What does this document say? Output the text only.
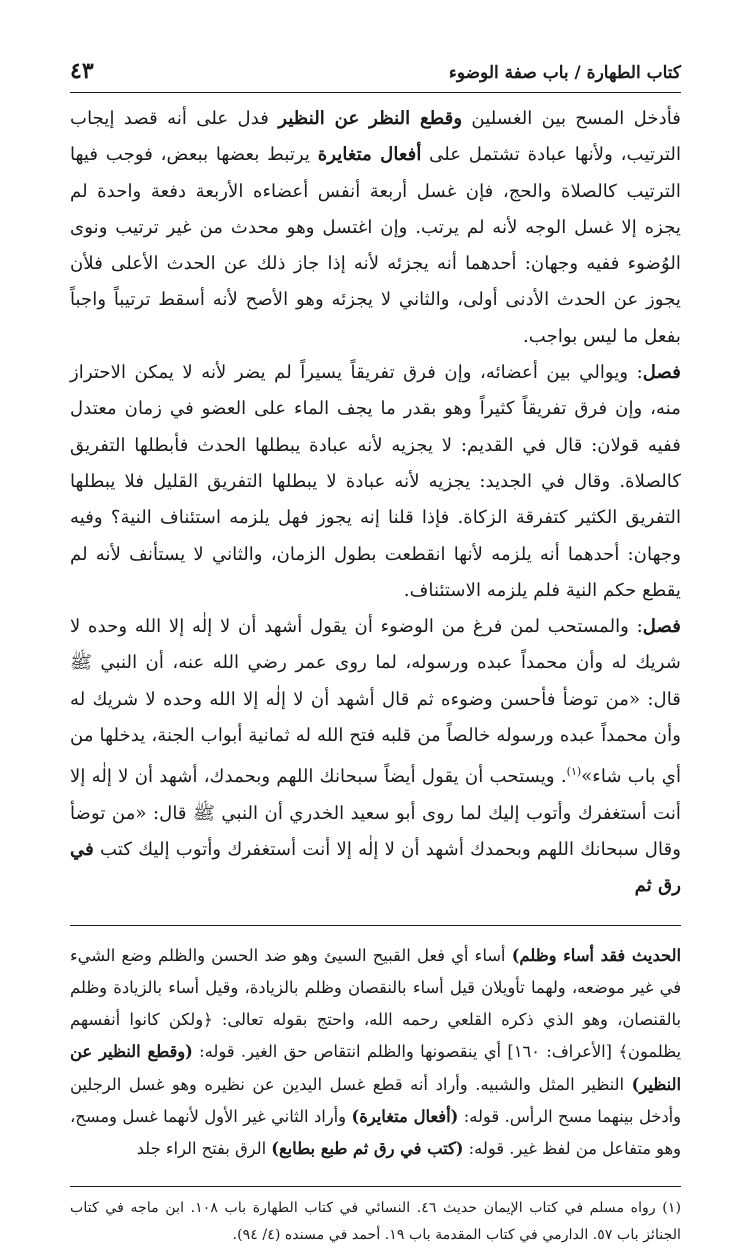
كتاب الطهارة / باب صفة الوضوء
٤٣

فأدخل المسح بين الغسلين وقطع النظر عن النظير فدل على أنه قصد إيجاب الترتيب، ولأنها عبادة تشتمل على أفعال متغايرة يرتبط بعضها ببعض، فوجب فيها الترتيب كالصلاة والحج، فإن غسل أربعة أنفس أعضاءه الأربعة دفعة واحدة لم يجزه إلا غسل الوجه لأنه لم يرتب. وإن اغتسل وهو محدث من غير ترتيب ونوى الوُضوء ففيه وجهان: أحدهما أنه يجزئه لأنه إذا جاز ذلك عن الحدث الأعلى فلأن يجوز عن الحدث الأدنى أولى، والثاني لا يجزئه وهو الأصح لأنه أسقط ترتيباً واجباً بفعل ما ليس بواجب.

فصل: ويوالي بين أعضائه، وإن فرق تفريقاً يسيراً لم يضر لأنه لا يمكن الاحتراز منه، وإن فرق تفريقاً كثيراً وهو بقدر ما يجف الماء على العضو في زمان معتدل ففيه قولان: قال في القديم: لا يجزيه لأنه عبادة يبطلها الحدث فأبطلها التفريق كالصلاة. وقال في الجديد: يجزيه لأنه عبادة لا يبطلها التفريق القليل فلا يبطلها التفريق الكثير كتفرقة الزكاة. فإذا قلنا إنه يجوز فهل يلزمه استئناف النية؟ وفيه وجهان: أحدهما أنه يلزمه لأنها انقطعت بطول الزمان، والثاني لا يستأنف لأنه لم يقطع حكم النية فلم يلزمه الاستئناف.

فصل: والمستحب لمن فرغ من الوضوء أن يقول أشهد أن لا إلٰه إلا الله وحده لا شريك له وأن محمداً عبده ورسوله، لما روى عمر رضي الله عنه، أن النبي ﷺ قال: «من توضأ فأحسن وضوءه ثم قال أشهد أن لا إلٰه إلا الله وحده لا شريك له وأن محمداً عبده ورسوله خالصاً من قلبه فتح الله له ثمانية أبواب الجنة، يدخلها من أي باب شاء»$^{(١)}$. ويستحب أن يقول أيضاً سبحانك اللهم وبحمدك، أشهد أن لا إلٰه إلا أنت أستغفرك وأتوب إليك لما روى أبو سعيد الخدري أن النبي ﷺ قال: «من توضأ وقال سبحانك اللهم وبحمدك أشهد أن لا إلٰه إلا أنت أستغفرك وأتوب إليك كتب في رق ثم

الحديث فقد أساء وظلم) أساء أي فعل القبيح السيئ وهو ضد الحسن والظلم وضع الشيء في غير موضعه، ولهما تأويلان قيل أساء بالنقصان وظلم بالزيادة، وقيل أساء بالزيادة وظلم بالقنصان، وهو الذي ذكره القلعي رحمه الله، واحتج بقوله تعالى: ﴿ولكن كانوا أنفسهم يظلمون﴾ [الأعراف: ١٦٠] أي ينقصونها والظلم انتقاص حق الغير. قوله: (وقطع النظير عن النظير) النظير المثل والشبيه. وأراد أنه قطع غسل اليدين عن نظيره وهو غسل الرجلين وأدخل بينهما مسح الرأس. قوله: (أفعال متغايرة) وأراد الثاني غير الأول لأنهما غسل ومسح، وهو متفاعل من لفظ غير. قوله: (كتب في رق ثم طبع بطابع) الرق بفتح الراء جلد

(١) رواه مسلم في كتاب الإيمان حديث ٤٦. النسائي في كتاب الطهارة باب ١٠٨. ابن ماجه في كتاب الجنائز باب ٥٧. الدارمي في كتاب المقدمة باب ١٩. أحمد في مسنده (٤/ ٩٤).
